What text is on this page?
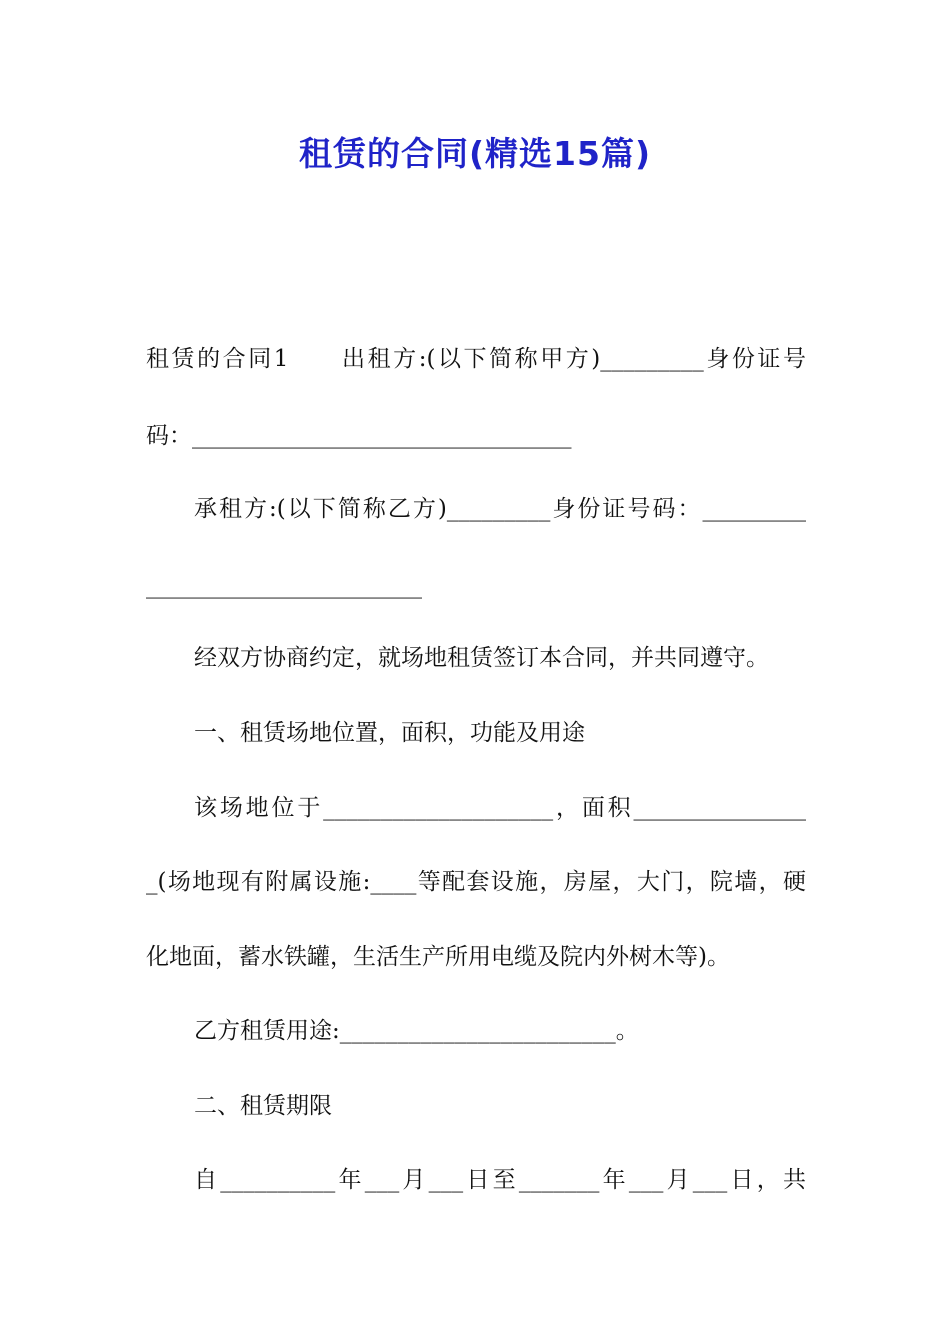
租赁的合同(精选15篇)
租赁的合同1　　出租方:(以下简称甲方)_________身份证号
码：_________________________________
承租方:(以下简称乙方)_________身份证号码：_________
________________________
经双方协商约定，就场地租赁签订本合同，并共同遵守。
一、租赁场地位置，面积，功能及用途
该场地位于____________________，面积_______________
_(场地现有附属设施:____等配套设施，房屋，大门，院墙，硬
化地面，蓄水铁罐，生活生产所用电缆及院内外树木等)。
乙方租赁用途:________________________。
二、租赁期限
自__________年___月___日至_______年___月___日，共
